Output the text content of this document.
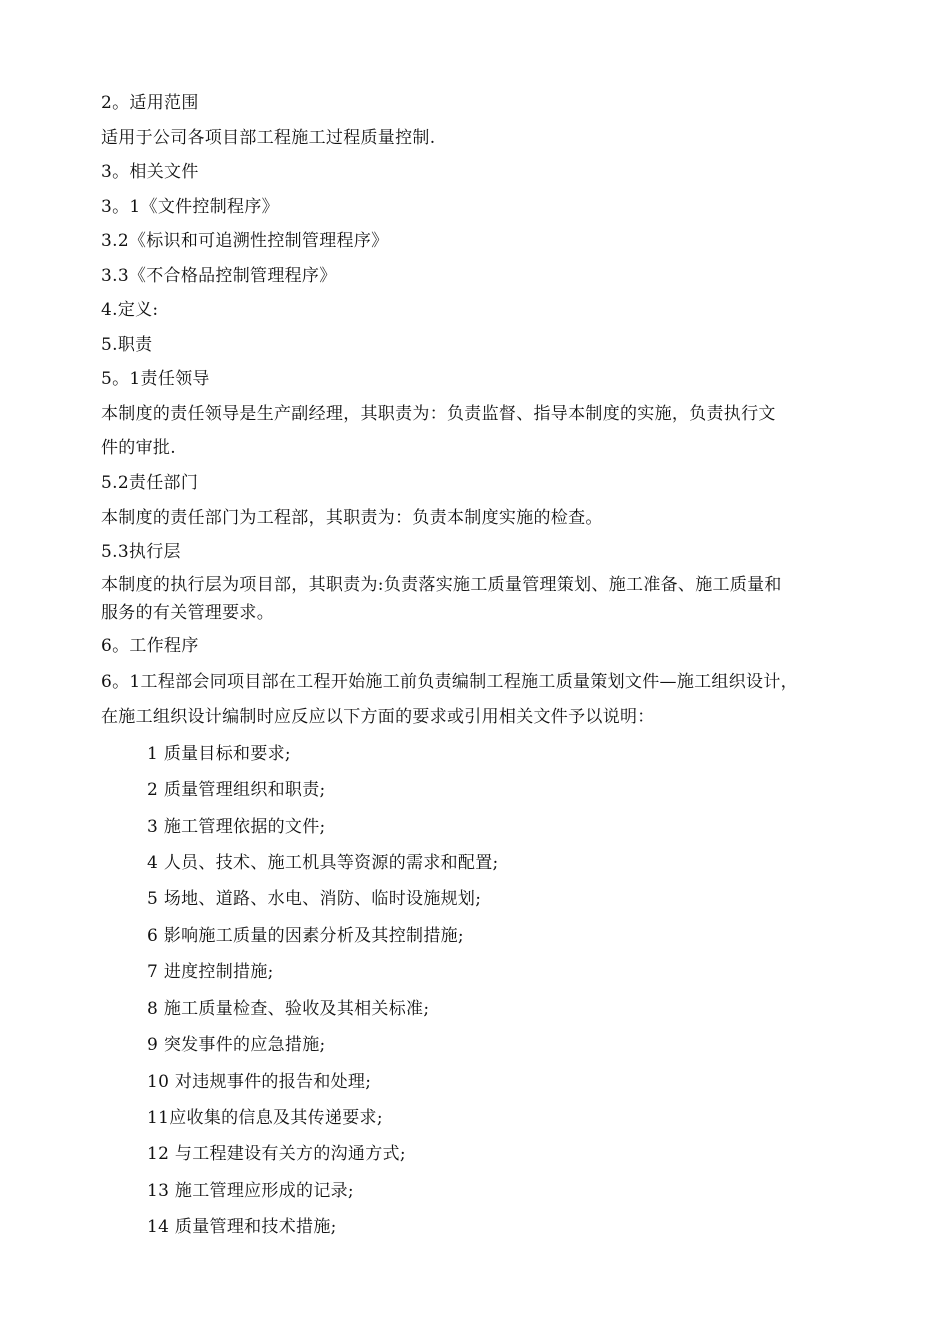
2。适用范围
适用于公司各项目部工程施工过程质量控制.
3。相关文件
3。1《文件控制程序》
3.2《标识和可追溯性控制管理程序》
3.3《不合格品控制管理程序》
4.定义:
5.职责
5。1责任领导
本制度的责任领导是生产副经理，其职责为：负责监督、指导本制度的实施，负责执行文
件的审批.
5.2责任部门
本制度的责任部门为工程部，其职责为：负责本制度实施的检查。
5.3执行层
本制度的执行层为项目部，其职责为:负责落实施工质量管理策划、施工准备、施工质量和
服务的有关管理要求。
6。工作程序
6。1工程部会同项目部在工程开始施工前负责编制工程施工质量策划文件—施工组织设计，
在施工组织设计编制时应反应以下方面的要求或引用相关文件予以说明：
1 质量目标和要求;
2 质量管理组织和职责;
3 施工管理依据的文件;
4 人员、技术、施工机具等资源的需求和配置;
5 场地、道路、水电、消防、临时设施规划;
6 影响施工质量的因素分析及其控制措施;
7 进度控制措施;
8 施工质量检查、验收及其相关标准;
9 突发事件的应急措施;
10 对违规事件的报告和处理;
11应收集的信息及其传递要求;
12 与工程建设有关方的沟通方式;
13 施工管理应形成的记录;
14 质量管理和技术措施;
